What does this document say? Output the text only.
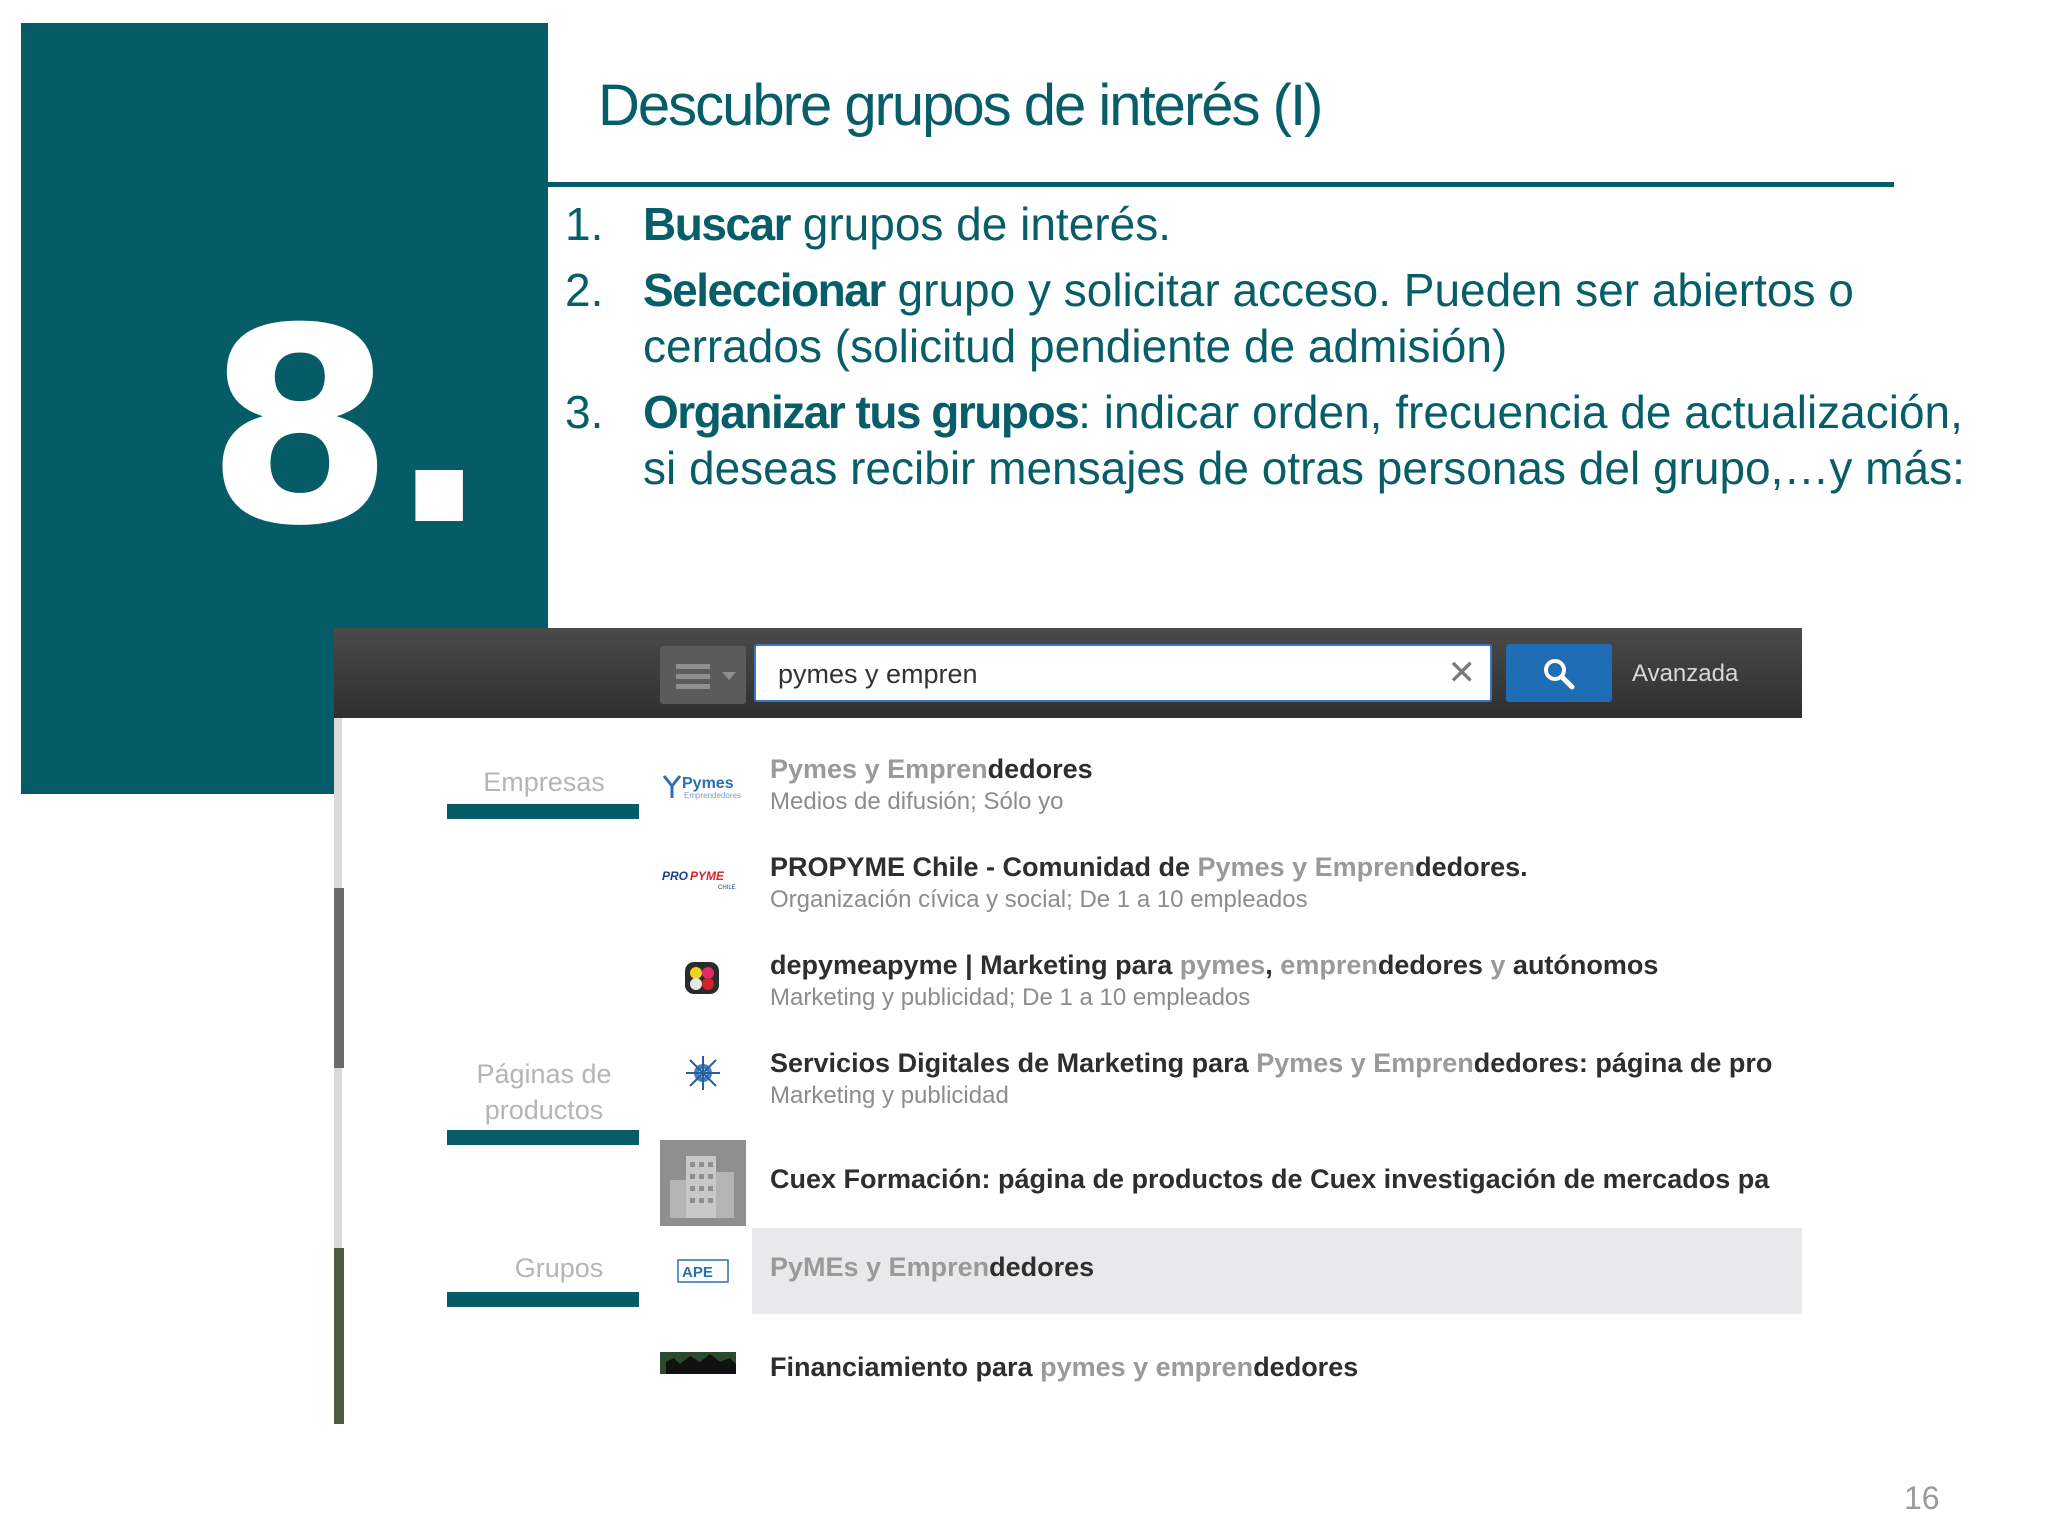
8.
Descubre grupos de interés (I)
1. Buscar grupos de interés.
2. Seleccionar grupo y solicitar acceso. Pueden ser abiertos o cerrados (solicitud pendiente de admisión)
3. Organizar tus grupos: indicar orden, frecuencia de actualización, si deseas recibir mensajes de otras personas del grupo,…y más:
pymes y empren
✕	Avanzada
Empresas
Páginas de
productos
Grupos
Pymes
Emprendedores
Pymes y Emprendedores
Medios de difusión; Sólo yo
PRO PYME
CHILE
PROPYME Chile - Comunidad de Pymes y Emprendedores.
Organización cívica y social; De 1 a 10 empleados
depymeapyme | Marketing para pymes, emprendedores y autónomos
Marketing y publicidad; De 1 a 10 empleados
Servicios Digitales de Marketing para Pymes y Emprendedores: página de pro
Marketing y publicidad
Cuex Formación: página de productos de Cuex investigación de mercados pa
APE PyMEs y Emprendedores
Financiamiento para pymes y emprendedores
16
